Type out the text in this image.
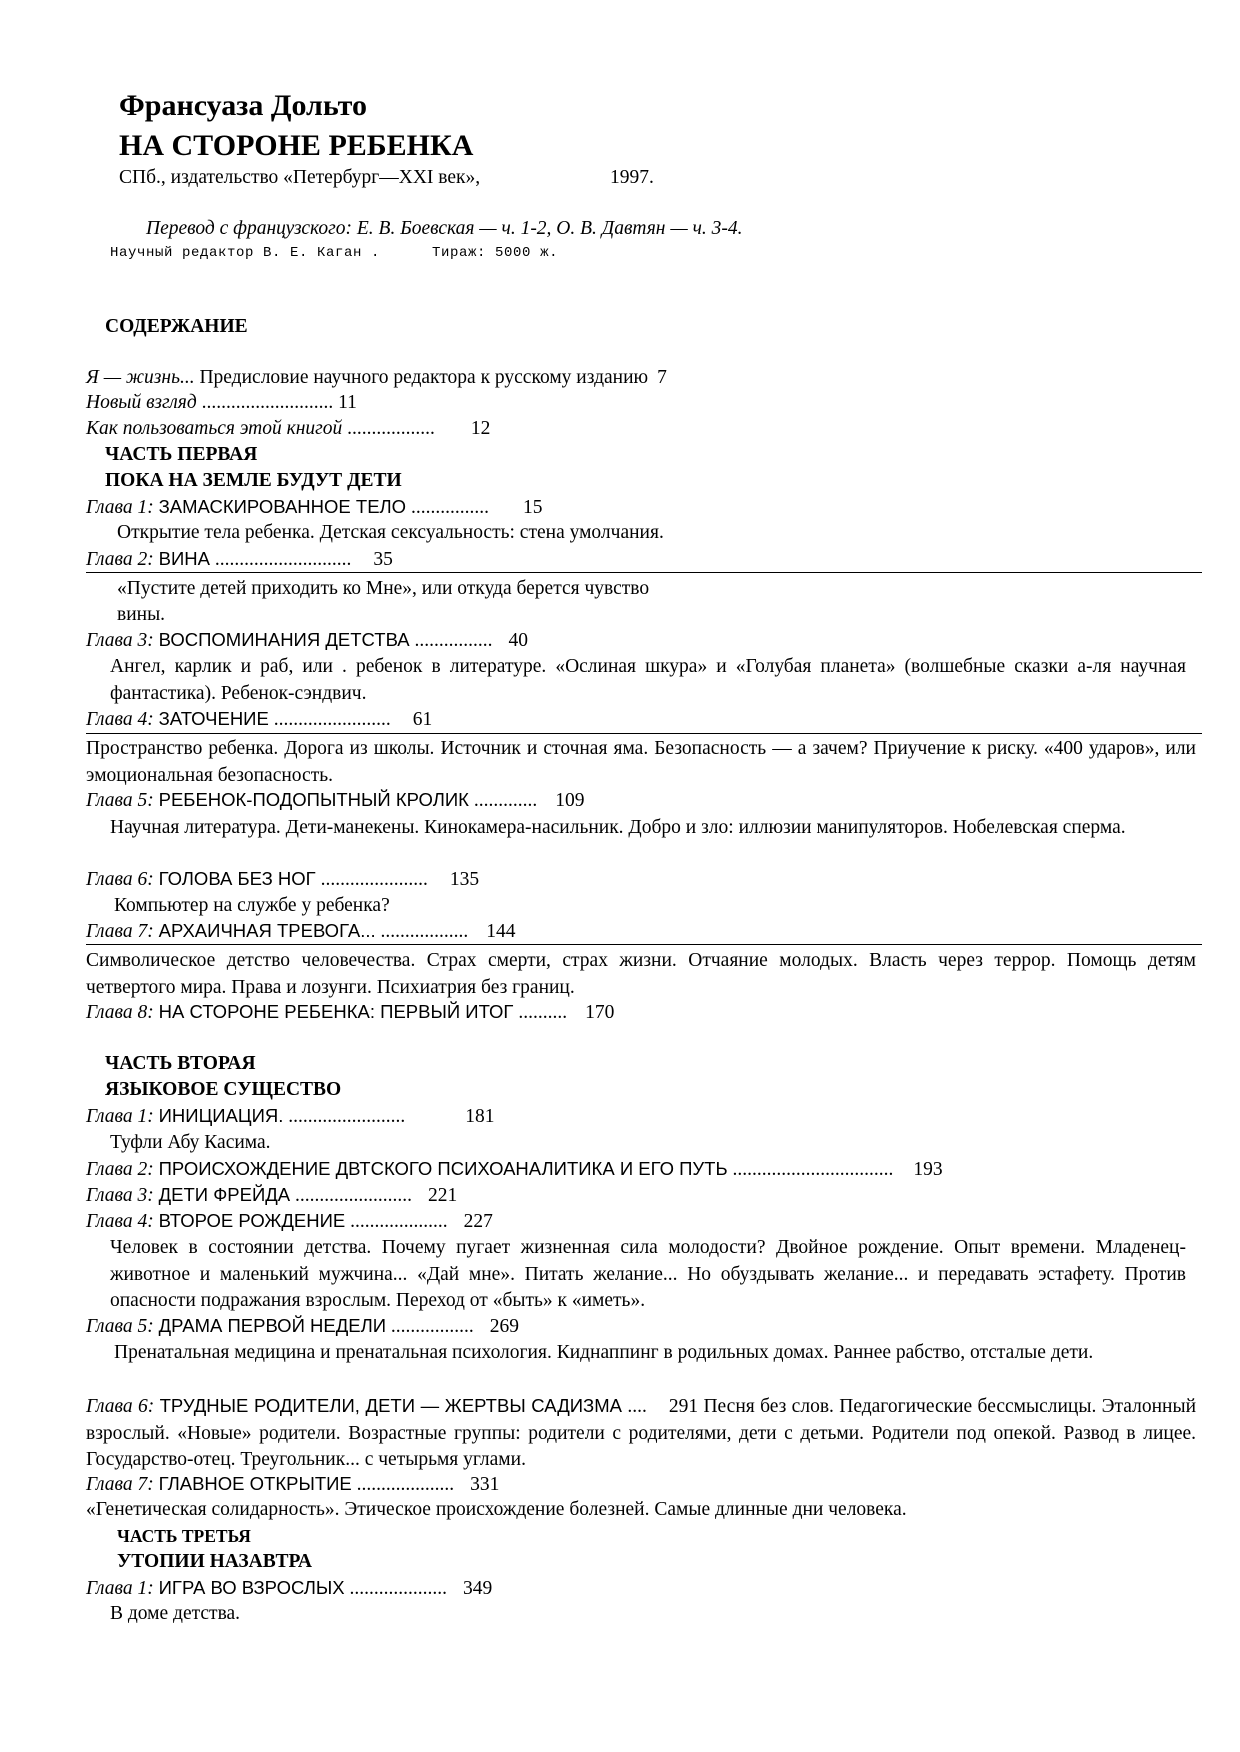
Франсуаза Дольто
НА СТОРОНЕ РЕБЕНКА
СПб., издательство «Петербург—XXI век»,	1997.
Перевод с французского: Е. В. Боевская — ч. 1-2, О. В. Давтян — ч. 3-4.
Научный редактор В. Е. Каган .	Тираж: 5000 ж.
СОДЕРЖАНИЕ
Я — жизнь... Предисловие научного редактора к русскому изданию 7
Новый взгляд ........................... 11
Как пользоваться этой книгой .................. 12
ЧАСТЬ ПЕРВАЯ
ПОКА НА ЗЕМЛЕ БУДУТ ДЕТИ
Глава 1: ЗАМАСКИРОВАННОЕ ТЕЛО ................ 15
Открытие тела ребенка. Детская сексуальность: стена умолчания.
Глава 2: ВИНА ............................ 35
«Пустите детей приходить ко Мне», или откуда берется чувство
вины.
Глава 3: ВОСПОМИНАНИЯ ДЕТСТВА ................ 40
Ангел, карлик и раб, или . ребенок в литературе. «Ослиная шкура» и «Голубая планета» (волшебные сказки а-ля научная фантастика). Ребенок-сэндвич.
Глава 4: ЗАТОЧЕНИЕ ........................ 61
Пространство ребенка. Дорога из школы. Источник и сточная яма. Безопасность — а зачем? Приучение к риску. «400 ударов», или эмоциональная безопасность.
Глава 5: РЕБЕНОК-ПОДОПЫТНЫЙ КРОЛИК ............. 109
Научная литература. Дети-манекены. Кинокамера-насильник. Добро и зло: иллюзии манипуляторов. Нобелевская сперма.
Глава 6: ГОЛОВА БЕЗ НОГ ...................... 135
Компьютер на службе у ребенка?
Глава 7: АРХАИЧНАЯ ТРЕВОГА... .................. 144
Символическое детство человечества. Страх смерти, страх жизни. Отчаяние молодых. Власть через террор. Помощь детям четвертого мира. Права и лозунги. Психиатрия без границ.
Глава 8: НА СТОРОНЕ РЕБЕНКА: ПЕРВЫЙ ИТОГ .......... 170
ЧАСТЬ ВТОРАЯ
ЯЗЫКОВОЕ СУЩЕСТВО
Глава 1: ИНИЦИАЦИЯ. ........................	181
Туфли Абу Касима.
Глава 2: ПРОИСХОЖДЕНИЕ ДВТСКОГО ПСИХОАНАЛИТИКА И ЕГО ПУТЬ ................................. 193
Глава 3: ДЕТИ ФРЕЙДА ........................ 221
Глава 4: ВТОРОЕ РОЖДЕНИЕ .................... 227
Человек в состоянии детства. Почему пугает жизненная сила молодости? Двойное рождение. Опыт времени. Младенец-животное и маленький мужчина... «Дай мне». Питать желание... Но обуздывать желание... и передавать эстафету. Против опасности подражания взрослым. Переход от «быть» к «иметь».
Глава 5: ДРАМА ПЕРВОЙ НЕДЕЛИ ................. 269
Пренатальная медицина и пренатальная психология. Киднаппинг в родильных домах. Раннее рабство, отсталые дети.
Глава 6: ТРУДНЫЕ РОДИТЕЛИ, ДЕТИ — ЖЕРТВЫ САДИЗМА .... 291 Песня без слов. Педагогические бессмыслицы. Эталонный взрослый. «Новые» родители. Возрастные группы: родители с родителями, дети с детьми. Родители под опекой. Развод в лицее. Государство-отец. Треугольник... с четырьмя углами.
Глава 7: ГЛАВНОЕ ОТКРЫТИЕ .................... 331
«Генетическая солидарность». Этическое происхождение болезней. Самые длинные дни человека.
ЧАСТЬ ТРЕТЬЯ
УТОПИИ НАЗАВТРА
Глава 1: ИГРА ВО ВЗРОСЛЫХ .................... 349
В доме детства.
